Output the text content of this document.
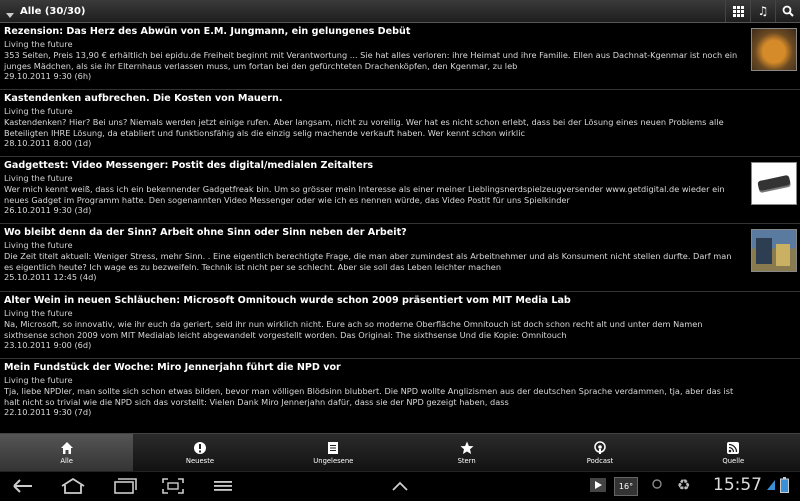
Alle (30/30)	♫
Rezension: Das Herz des Abwün von E.M. Jungmann, ein gelungenes Debüt
Living the future
353 Seiten, Preis 13,90 € erhältlich bei epidu.de Freiheit beginnt mit Verantwortung ... Sie hat alles verloren: ihre Heimat und ihre Familie. Ellen aus Dachnat-Kgenmar ist noch ein junges Mädchen, als sie ihr Elternhaus verlassen muss, um fortan bei den gefürchteten Drachenköpfen, den Kgenmar, zu leb
29.10.2011 9:30 (6h)
Kastendenken aufbrechen. Die Kosten von Mauern.
Living the future
Kastendenken? Hier? Bei uns? Niemals werden jetzt einige rufen. Aber langsam, nicht zu voreilig. Wer hat es nicht schon erlebt, dass bei der Lösung eines neuen Problems alle Beteiligten IHRE Lösung, da etabliert und funktionsfähig als die einzig selig machende verkauft haben. Wer kennt schon wirklic
28.10.2011 8:00 (1d)
Gadgettest: Video Messenger: Postit des digital/medialen Zeitalters
Living the future
Wer mich kennt weiß, dass ich ein bekennender Gadgetfreak bin. Um so grösser mein Interesse als einer meiner Lieblingsnerdspielzeugversender www.getdigital.de wieder ein neues Gadget im Programm hatte. Den sogenannten Video Messenger oder wie ich es nennen würde, das Video Postit für uns Spielkinder
26.10.2011 9:30 (3d)
Wo bleibt denn da der Sinn? Arbeit ohne Sinn oder Sinn neben der Arbeit?
Living the future
Die Zeit titelt aktuell: Weniger Stress, mehr Sinn. . Eine eigentlich berechtigte Frage, die man aber zumindest als Arbeitnehmer und als Konsument nicht stellen durfte. Darf man es eigentlich heute? Ich wage es zu bezweifeln. Technik ist nicht per se schlecht. Aber sie soll das Leben leichter machen
25.10.2011 12:45 (4d)
Alter Wein in neuen Schläuchen: Microsoft Omnitouch wurde schon 2009 präsentiert vom MIT Media Lab
Living the future
Na, Microsoft, so innovativ, wie ihr euch da geriert, seid ihr nun wirklich nicht. Eure ach so moderne Oberfläche Omnitouch ist doch schon recht alt und unter dem Namen sixthsense schon 2009 vom MIT Medialab leicht abgewandelt vorgestellt worden. Das Original: The sixthsense Und die Kopie: Omnitouch
23.10.2011 9:00 (6d)
Mein Fundstück der Woche: Miro Jennerjahn führt die NPD vor
Living the future
Tja, liebe NPDler, man sollte sich schon etwas bilden, bevor man völligen Blödsinn blubbert. Die NPD wollte Anglizismen aus der deutschen Sprache verdammen, tja, aber das ist halt nicht so trivial wie die NPD sich das vorstellt: Vielen Dank Miro Jennerjahn dafür, dass sie der NPD gezeigt haben, dass
22.10.2011 9:30 (7d)
Alle	Neueste	Ungelesene	Stern	Podcast	Quelle
16°	♻ 15:57
